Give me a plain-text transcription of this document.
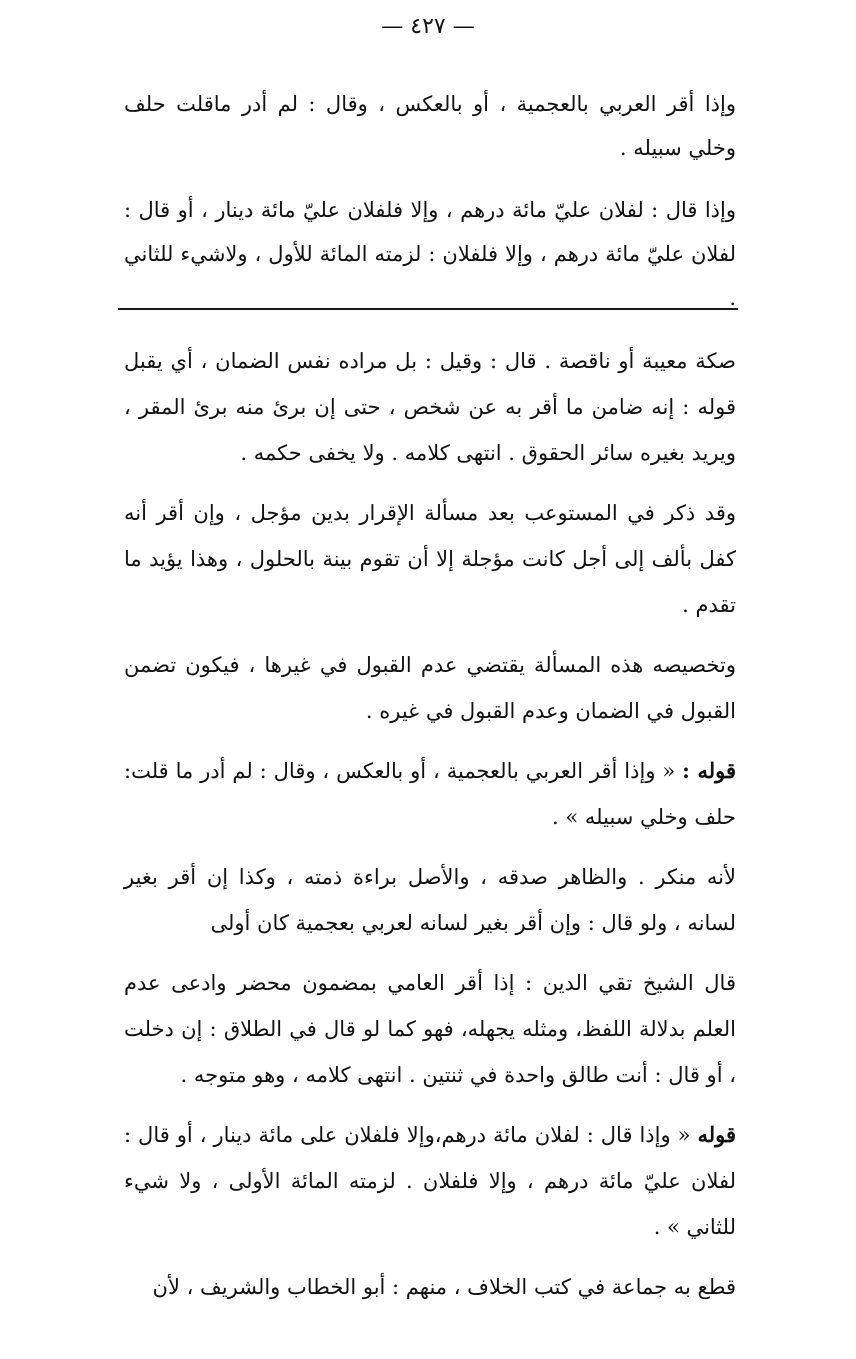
— ٤٢٧ —

وإذا أقر العربي بالعجمية ، أو بالعكس ، وقال : لم أدر ماقلت حلف وخلي سبيله .

وإذا قال : لفلان عليّ مائة درهم ، وإلا فلفلان عليّ مائة دينار ، أو قال : لفلان عليّ مائة درهم ، وإلا فلفلان : لزمته المائة للأول ، ولاشيء للثاني .

صكة معيبة أو ناقصة . قال : وقيل : بل مراده نفس الضمان ، أي يقبل قوله : إنه ضامن ما أقر به عن شخص ، حتى إن برئ منه برئ المقر ، ويريد بغيره سائر الحقوق . انتهى كلامه . ولا يخفى حكمه .

وقد ذكر في المستوعب بعد مسألة الإقرار بدين مؤجل ، وإن أقر أنه كفل بألف إلى أجل كانت مؤجلة إلا أن تقوم بينة بالحلول ، وهذا يؤيد ما تقدم .

وتخصيصه هذه المسألة يقتضي عدم القبول في غيرها ، فيكون تضمن القبول في الضمان وعدم القبول في غيره .

قوله : « وإذا أقر العربي بالعجمية ، أو بالعكس ، وقال : لم أدر ما قلت: حلف وخلي سبيله » .

لأنه منكر . والظاهر صدقه ، والأصل براءة ذمته ، وكذا إن أقر بغير لسانه ، ولو قال : وإن أقر بغير لسانه لعربي بعجمية كان أولى

قال الشيخ تقي الدين : إذا أقر العامي بمضمون محضر وادعى عدم العلم بدلالة اللفظ، ومثله يجهله، فهو كما لو قال في الطلاق : إن دخلت ، أو قال : أنت طالق واحدة في ثنتين . انتهى كلامه ، وهو متوجه .

قوله « وإذا قال : لفلان مائة درهم،وإلا فلفلان على مائة دينار ، أو قال : لفلان عليّ مائة درهم ، وإلا فلفلان . لزمته المائة الأولى ، ولا شيء للثاني » .

قطع به جماعة في كتب الخلاف ، منهم : أبو الخطاب والشريف ، لأن
